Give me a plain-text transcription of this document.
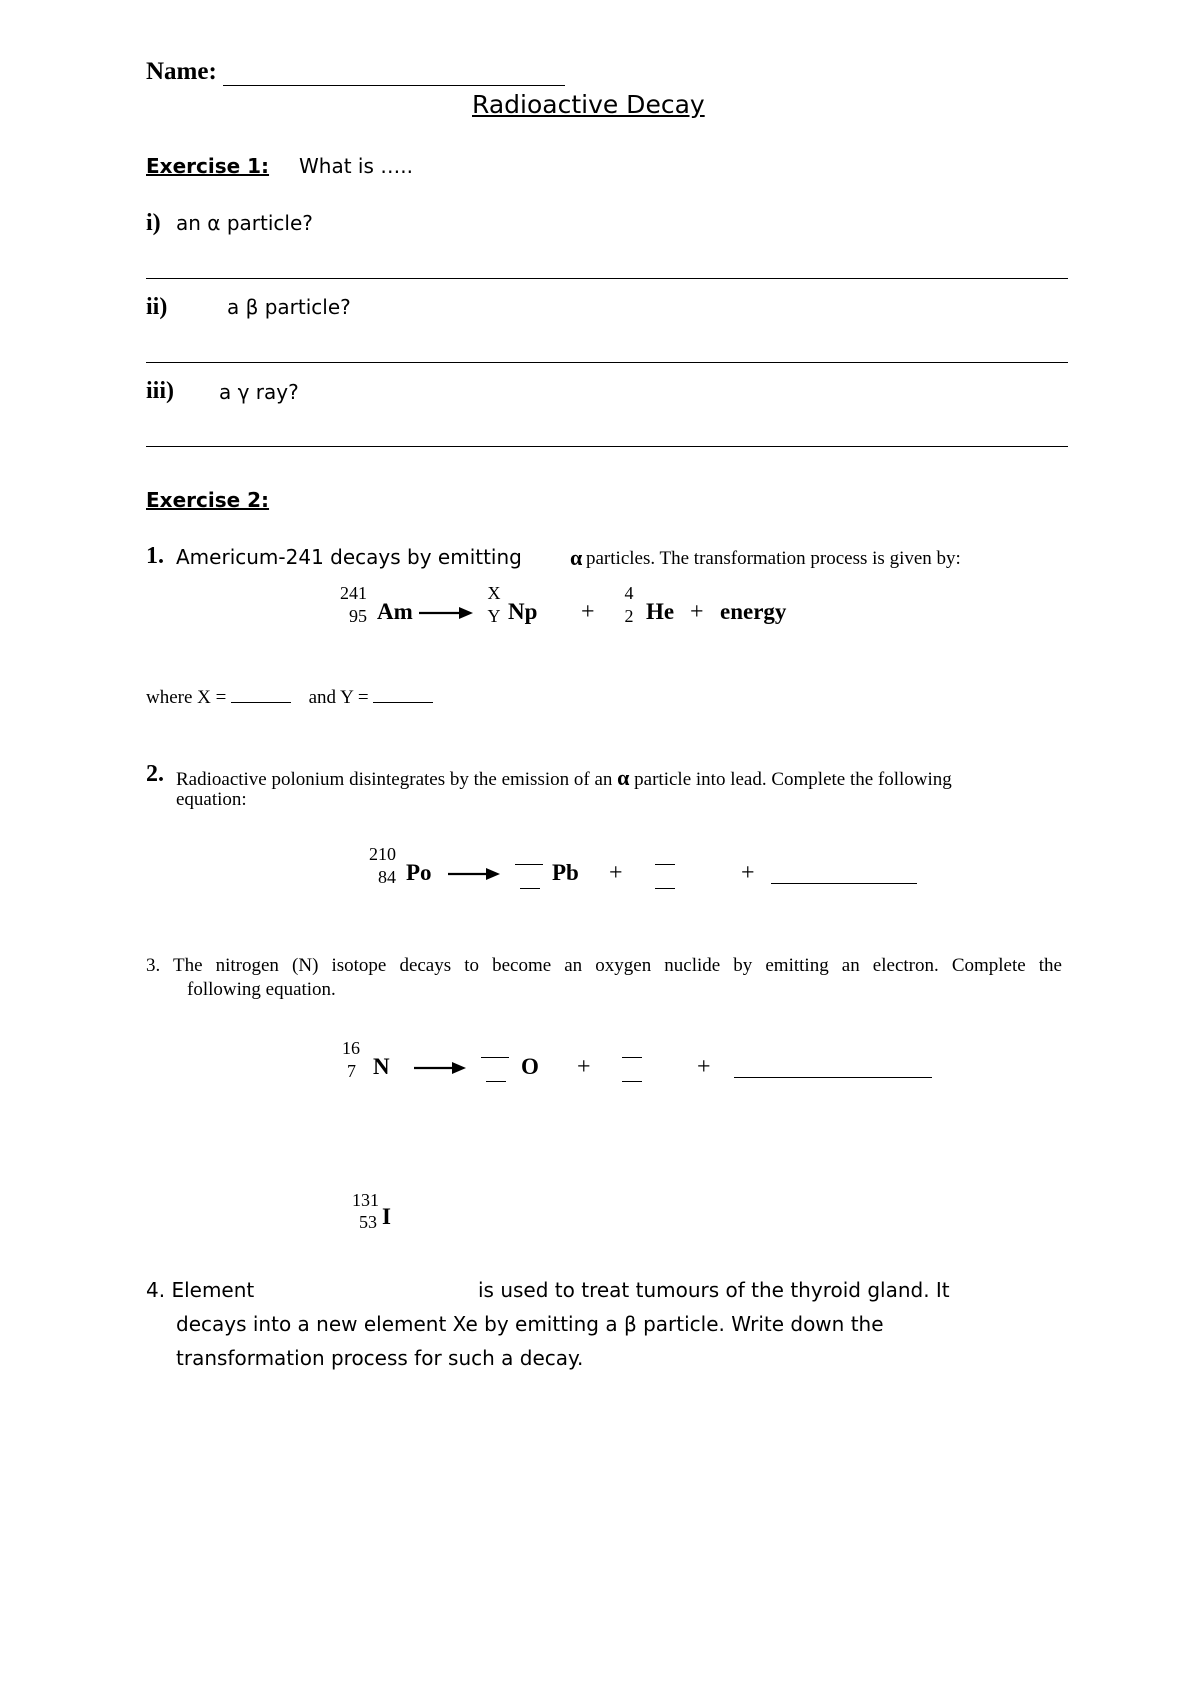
Name:
Radioactive Decay
Exercise 1: What is …..
i) an α particle?
ii)	a β particle?
iii) a γ ray?
Exercise 2:
1. Americum-241 decays by emitting α particles. The transformation process is given by:
241
95 Am
X
Y Np +
4
2 He + energy
where X =	and Y =
2. Radioactive polonium disintegrates by the emission of an α particle into lead. Complete the following
equation:
210
84 Po	Pb +	+
3. The nitrogen (N) isotope decays to become an oxygen nuclide by emitting an electron. Complete the
following equation.
16
7 N	O +	+
131
53 I
4. Element	is used to treat tumours of the thyroid gland. It
decays into a new element Xe by emitting a β particle. Write down the
transformation process for such a decay.
